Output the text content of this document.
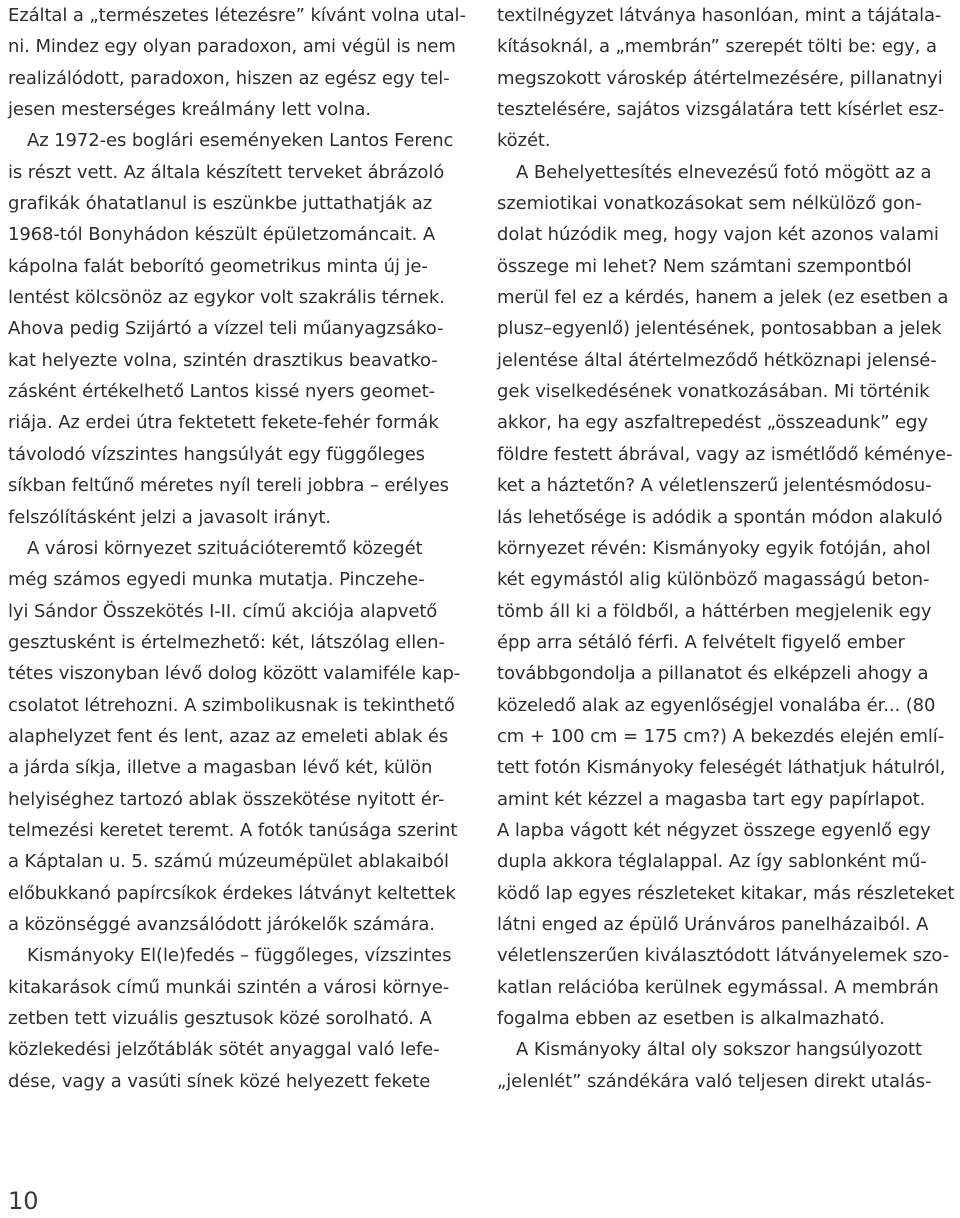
Ezáltal a „természetes létezésre” kívánt volna utal-
ni. Mindez egy olyan paradoxon, ami végül is nem
realizálódott, paradoxon, hiszen az egész egy tel-
jesen mesterséges kreálmány lett volna.
Az 1972-es boglári eseményeken Lantos Ferenc
is részt vett. Az általa készített terveket ábrázoló
grafikák óhatatlanul is eszünkbe juttathatják az
1968-tól Bonyhádon készült épületzománcait. A
kápolna falát beborító geometrikus minta új je-
lentést kölcsönöz az egykor volt szakrális térnek.
Ahova pedig Szijártó a vízzel teli műanyagzsáko-
kat helyezte volna, szintén drasztikus beavatko-
zásként értékelhető Lantos kissé nyers geomet-
riája. Az erdei útra fektetett fekete-fehér formák
távolodó vízszintes hangsúlyát egy függőleges
síkban feltűnő méretes nyíl tereli jobbra – erélyes
felszólításként jelzi a javasolt irányt.
A városi környezet szituációteremtő közegét
még számos egyedi munka mutatja. Pinczehe-
lyi Sándor Összekötés I-II. című akciója alapvető
gesztusként is értelmezhető: két, látszólag ellen-
tétes viszonyban lévő dolog között valamiféle kap-
csolatot létrehozni. A szimbolikusnak is tekinthető
alaphelyzet fent és lent, azaz az emeleti ablak és
a járda síkja, illetve a magasban lévő két, külön
helyiséghez tartozó ablak összekötése nyitott ér-
telmezési keretet teremt. A fotók tanúsága szerint
a Káptalan u. 5. számú múzeumépület ablakaiból
előbukkanó papírcsíkok érdekes látványt keltettek
a közönséggé avanzsálódott járókelők számára.
Kismányoky El(le)fedés – függőleges, vízszintes
kitakarások című munkái szintén a városi környe-
zetben tett vizuális gesztusok közé sorolható. A
közlekedési jelzőtáblák sötét anyaggal való lefe-
dése, vagy a vasúti sínek közé helyezett fekete
textilnégyzet látványa hasonlóan, mint a tájátala-
kításoknál, a „membrán” szerepét tölti be: egy, a
megszokott városkép átértelmezésére, pillanatnyi
tesztelésére, sajátos vizsgálatára tett kísérlet esz-
közét.
A Behelyettesítés elnevezésű fotó mögött az a
szemiotikai vonatkozásokat sem nélkülöző gon-
dolat húzódik meg, hogy vajon két azonos valami
összege mi lehet? Nem számtani szempontból
merül fel ez a kérdés, hanem a jelek (ez esetben a
plusz–egyenlő) jelentésének, pontosabban a jelek
jelentése által átértelmeződő hétköznapi jelensé-
gek viselkedésének vonatkozásában. Mi történik
akkor, ha egy aszfaltrepedést „összeadunk” egy
földre festett ábrával, vagy az ismétlődő kéménye-
ket a háztetőn? A véletlenszerű jelentésmódosu-
lás lehetősége is adódik a spontán módon alakuló
környezet révén: Kismányoky egyik fotóján, ahol
két egymástól alig különböző magasságú beton-
tömb áll ki a földből, a háttérben megjelenik egy
épp arra sétáló férfi. A felvételt figyelő ember
továbbgondolja a pillanatot és elképzeli ahogy a
közeledő alak az egyenlőségjel vonalába ér... (80
cm + 100 cm = 175 cm?) A bekezdés elején emlí-
tett fotón Kismányoky feleségét láthatjuk hátulról,
amint két kézzel a magasba tart egy papírlapot.
A lapba vágott két négyzet összege egyenlő egy
dupla akkora téglalappal. Az így sablonként mű-
ködő lap egyes részleteket kitakar, más részleteket
látni enged az épülő Uránváros panelházaiból. A
véletlenszerűen kiválasztódott látványelemek szo-
katlan relációba kerülnek egymással. A membrán
fogalma ebben az esetben is alkalmazható.
A Kismányoky által oly sokszor hangsúlyozott
„jelenlét” szándékára való teljesen direkt utalás-
10
